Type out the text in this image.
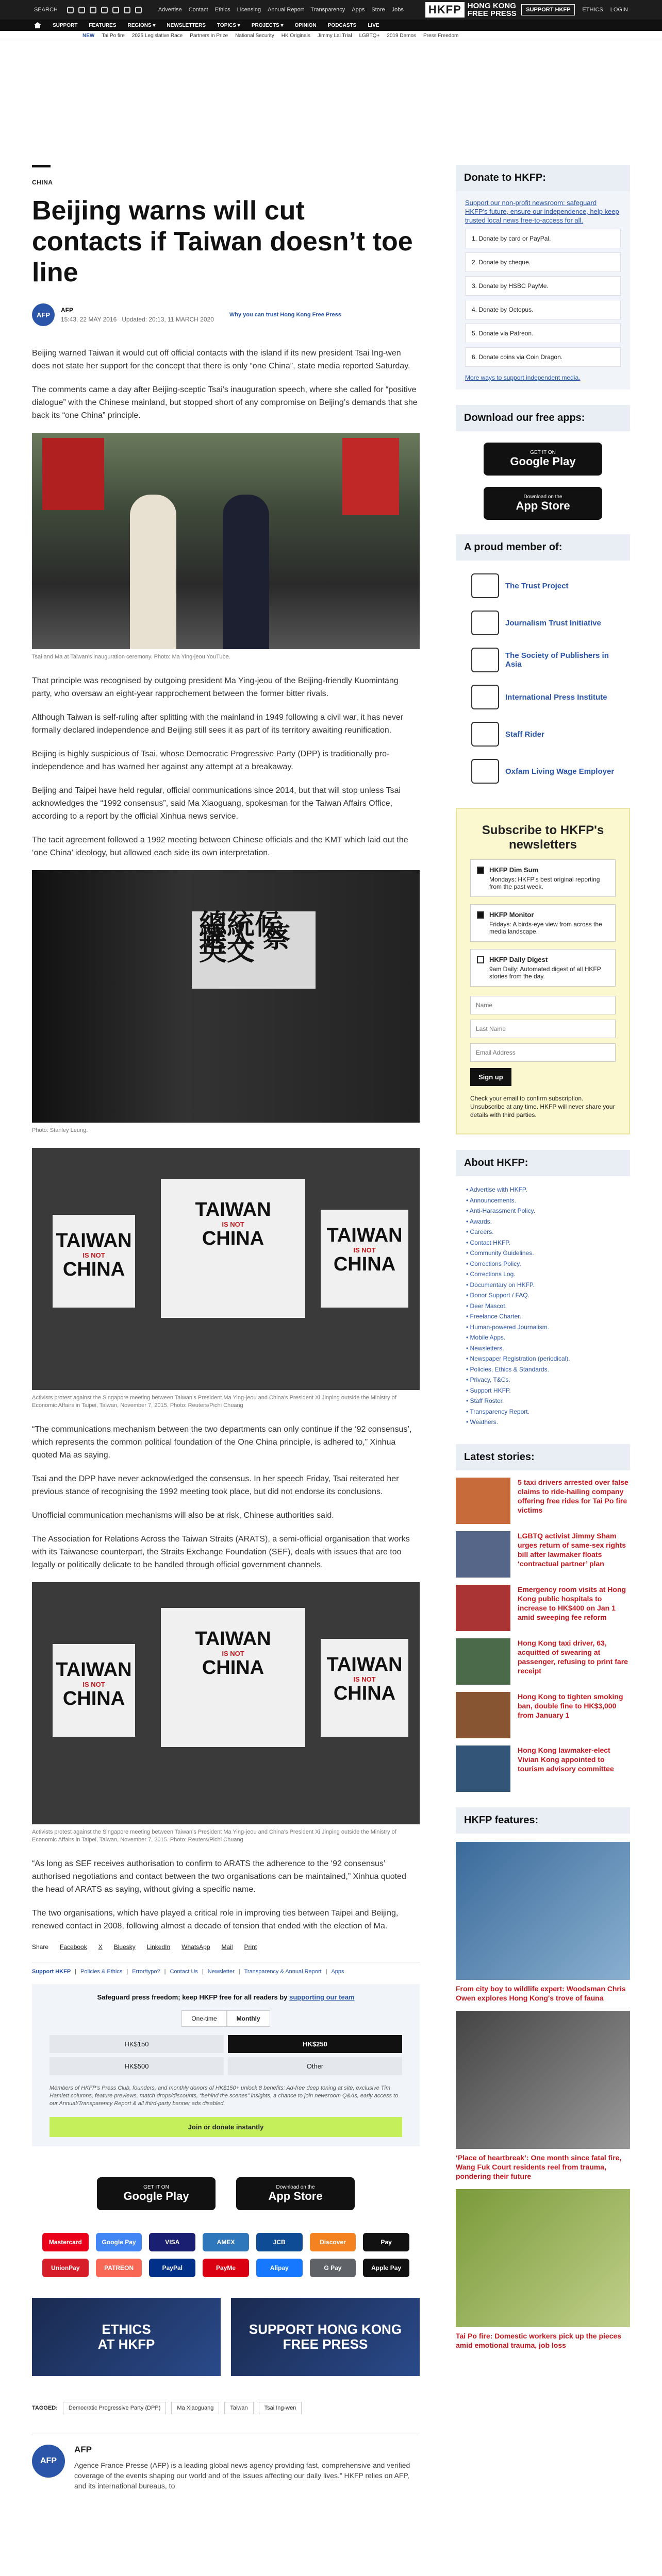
SEARCH	Advertise Contact Ethics Licensing Annual Report Transparency Apps Store Jobs HKFP HONG KONG
FREE PRESS	SUPPORT HKFP	ETHICS LOGIN
SUPPORT FEATURES REGIONS ▾ NEWSLETTERS TOPICS ▾ PROJECTS ▾ OPINION PODCASTS LIVE
NEW Tai Po fire 2025 Legislative Race Partners in Prize National Security HK Originals Jimmy Lai Trial LGBTQ+ 2019 Demos Press Freedom
CHINA
Beijing warns will cut contacts if Taiwan doesn’t toe line
AFP
AFP
15:43, 22 MAY 2016 Updated: 20:13, 11 MARCH 2020
Why you can trust Hong Kong Free Press

Beijing warned Taiwan it would cut off official contacts with the island if its new president Tsai Ing-wen does not state her support for the concept that there is only “one China”, state media reported Saturday.

The comments came a day after Beijing-sceptic Tsai’s inauguration speech, where she called for “positive dialogue” with the Chinese mainland, but stopped short of any compromise on Beijing’s demands that she back its “one China” principle.

Tsai and Ma at Taiwan’s inauguration ceremony. Photo: Ma Ying-jeou YouTube.

That principle was recognised by outgoing president Ma Ying-jeou of the Beijing-friendly Kuomintang party, who oversaw an eight-year rapprochement between the former bitter rivals.

Although Taiwan is self-ruling after splitting with the mainland in 1949 following a civil war, it has never formally declared independence and Beijing still sees it as part of its territory awaiting reunification.

Beijing is highly suspicious of Tsai, whose Democratic Progressive Party (DPP) is traditionally pro-independence and has warned her against any attempt at a breakaway.

Beijing and Taipei have held regular, official communications since 2014, but that will stop unless Tsai acknowledges the “1992 consensus”, said Ma Xiaoguang, spokesman for the Taiwan Affairs Office, according to a report by the official Xinhua news service.

The tacit agreement followed a 1992 meeting between Chinese officials and the KMT which laid out the ‘one China’ ideology, but allowed each side its own interpretation.

總統候選人 蔡英文
Photo: Stanley Leung.
TAIWAN
IS NOT
CHINA
TAIWAN
IS NOT
CHINA	TAIWAN
IS NOT
CHINA
Activists protest against the Singapore meeting between Taiwan’s President Ma Ying-jeou and China’s President Xi Jinping outside the Ministry of Economic Affairs in Taipei, Taiwan, November 7, 2015. Photo: Reuters/Pichi Chuang

“The communications mechanism between the two departments can only continue if the ‘92 consensus’, which represents the common political foundation of the One China principle, is adhered to,” Xinhua quoted Ma as saying.

Tsai and the DPP have never acknowledged the consensus. In her speech Friday, Tsai reiterated her previous stance of recognising the 1992 meeting took place, but did not endorse its conclusions.

Unofficial communication mechanisms will also be at risk, Chinese authorities said.

The Association for Relations Across the Taiwan Straits (ARATS), a semi-official organisation that works with its Taiwanese counterpart, the Straits Exchange Foundation (SEF), deals with issues that are too legally or politically delicate to be handled through official government channels.

TAIWAN
IS NOT
CHINA
TAIWAN
IS NOT
CHINA	TAIWAN
IS NOT
CHINA
Activists protest against the Singapore meeting between Taiwan’s President Ma Ying-jeou and China’s President Xi Jinping outside the Ministry of Economic Affairs in Taipei, Taiwan, November 7, 2015. Photo: Reuters/Pichi Chuang

“As long as SEF receives authorisation to confirm to ARATS the adherence to the ‘92 consensus’ authorised negotiations and contact between the two organisations can be maintained,” Xinhua quoted the head of ARATS as saying, without giving a specific name.

The two organisations, which have played a critical role in improving ties between Taipei and Beijing, renewed contact in 2008, following almost a decade of tension that ended with the election of Ma.

Share Facebook X Bluesky LinkedIn WhatsApp Mail Print
Support HKFP | Policies & Ethics | Error/typo? | Contact Us | Newsletter | Transparency & Annual Report | Apps
Safeguard press freedom; keep HKFP free for all readers by supporting our team
One-time	Monthly
HK$150	HK$250
HK$500	Other
Members of HKFP's Press Club, founders, and monthly donors of HK$150+ unlock 8 benefits: Ad-free deep toning at site, exclusive Tim Hamlett columns, feature previews, match drops/discounts, “behind the scenes” insights, a chance to join newsroom Q&As, early access to our Annual/Transparency Report & all third-party banner ads disabled.
Join or donate instantly
GET IT ON
Google Play
Download on the
App Store
Mastercard	Google Pay	VISA	AMEX	JCB	Discover	Pay
UnionPay	PATREON	PayPal	PayMe	Alipay	G Pay	Apple Pay
ETHICS
AT HKFP
SUPPORT HONG KONG
FREE PRESS
TAGGED:	Democratic Progressive Party (DPP)	Ma Xiaoguang	Taiwan	Tsai Ing-wen
AFP
AFP
Agence France-Presse (AFP) is a leading global news agency providing fast, comprehensive and verified coverage of the events shaping our world and of the issues affecting our daily lives.” HKFP relies on AFP, and its international bureaus, to
Donate to HKFP:
Support our non-profit newsroom: safeguard HKFP's future, ensure our independence, help keep trusted local news free-to-access for all.
1. Donate by card or PayPal.
2. Donate by cheque.
3. Donate by HSBC PayMe.
4. Donate by Octopus.
5. Donate via Patreon.
6. Donate coins via Coin Dragon.
More ways to support independent media.
Download our free apps:
GET IT ON
Google Play
Download on the
App Store
A proud member of:
The Trust Project
Journalism Trust Initiative
The Society of Publishers in Asia
International Press Institute
Staff Rider
Oxfam Living Wage Employer
Subscribe to HKFP's newsletters
HKFP Dim Sum
Mondays: HKFP's best original reporting from the past week.
HKFP Monitor
Fridays: A birds-eye view from across the media landscape.
HKFP Daily Digest
9am Daily: Automated digest of all HKFP stories from the day.
Name Last Name Email Address Sign up
Check your email to confirm subscription. Unsubscribe at any time. HKFP will never share your details with third parties.
About HKFP:
• Advertise with HKFP.
• Announcements.
• Anti-Harassment Policy.
• Awards.
• Careers.
• Contact HKFP.
• Community Guidelines.
• Corrections Policy.
• Corrections Log.
• Documentary on HKFP.
• Donor Support / FAQ.
• Deer Mascot.
• Freelance Charter.
• Human-powered Journalism.
• Mobile Apps.
• Newsletters.
• Newspaper Registration (periodical).
• Policies, Ethics & Standards.
• Privacy, T&Cs.
• Support HKFP.
• Staff Roster.
• Transparency Report.
• Weathers.
Latest stories:
5 taxi drivers arrested over false claims to ride-hailing company offering free rides for Tai Po fire victims
LGBTQ activist Jimmy Sham urges return of same-sex rights bill after lawmaker floats ‘contractual partner’ plan
Emergency room visits at Hong Kong public hospitals to increase to HK$400 on Jan 1 amid sweeping fee reform
Hong Kong taxi driver, 63, acquitted of swearing at passenger, refusing to print fare receipt
Hong Kong to tighten smoking ban, double fine to HK$3,000 from January 1
Hong Kong lawmaker-elect Vivian Kong appointed to tourism advisory committee
HKFP features:
From city boy to wildlife expert: Woodsman Chris Owen explores Hong Kong's trove of fauna
‘Place of heartbreak’: One month since fatal fire, Wang Fuk Court residents reel from trauma, pondering their future
Tai Po fire: Domestic workers pick up the pieces amid emotional trauma, job loss
